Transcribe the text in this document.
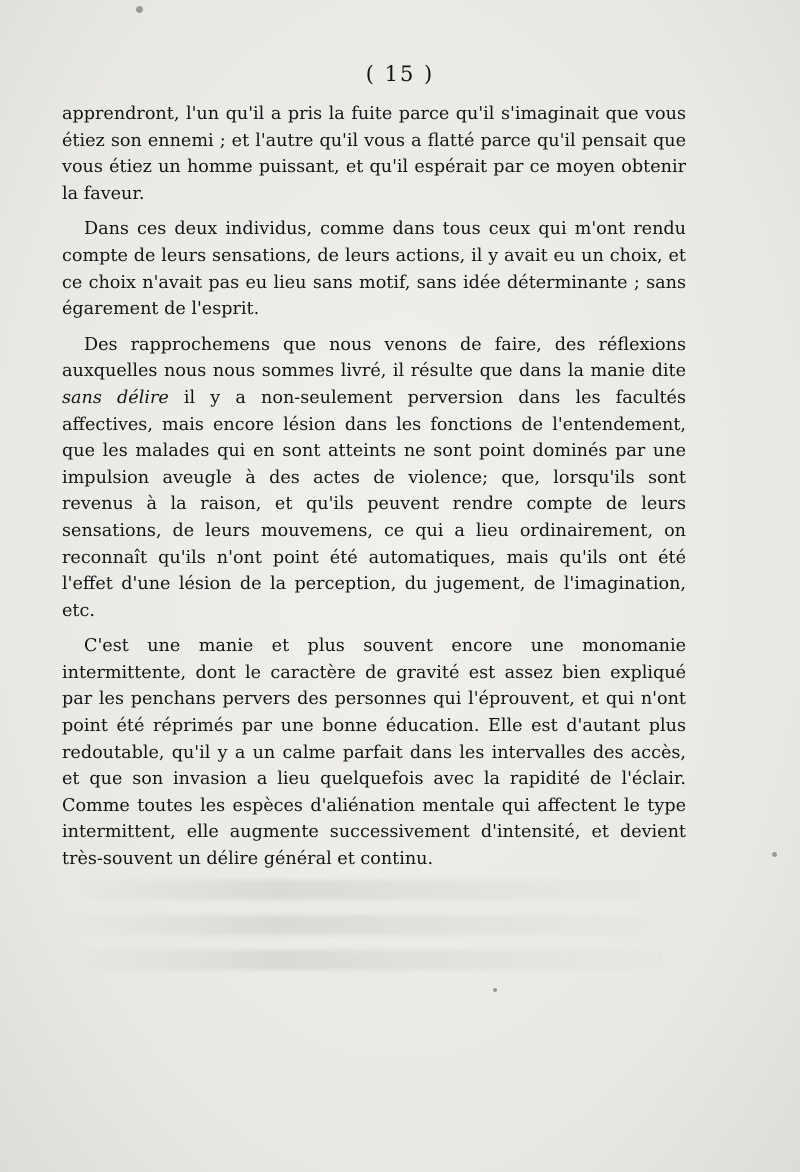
( 15 )

apprendront, l'un qu'il a pris la fuite parce qu'il s'imaginait que vous étiez son ennemi ; et l'autre qu'il vous a flatté parce qu'il pensait que vous étiez un homme puissant, et qu'il espérait par ce moyen obtenir la faveur.

Dans ces deux individus, comme dans tous ceux qui m'ont rendu compte de leurs sensations, de leurs actions, il y avait eu un choix, et ce choix n'avait pas eu lieu sans motif, sans idée déterminante ; sans égarement de l'esprit.

Des rapprochemens que nous venons de faire, des réflexions auxquelles nous nous sommes livré, il résulte que dans la manie dite sans délire il y a non-seulement perversion dans les facultés affectives, mais encore lésion dans les fonctions de l'entendement, que les malades qui en sont atteints ne sont point dominés par une impulsion aveugle à des actes de violence; que, lorsqu'ils sont revenus à la raison, et qu'ils peuvent rendre compte de leurs sensations, de leurs mouvemens, ce qui a lieu ordinairement, on reconnaît qu'ils n'ont point été automatiques, mais qu'ils ont été l'effet d'une lésion de la perception, du jugement, de l'imagination, etc.

C'est une manie et plus souvent encore une monomanie intermittente, dont le caractère de gravité est assez bien expliqué par les penchans pervers des personnes qui l'éprouvent, et qui n'ont point été réprimés par une bonne éducation. Elle est d'autant plus redoutable, qu'il y a un calme parfait dans les intervalles des accès, et que son invasion a lieu quelquefois avec la rapidité de l'éclair. Comme toutes les espèces d'aliénation mentale qui affectent le type intermittent, elle augmente successivement d'intensité, et devient très-souvent un délire général et continu.
